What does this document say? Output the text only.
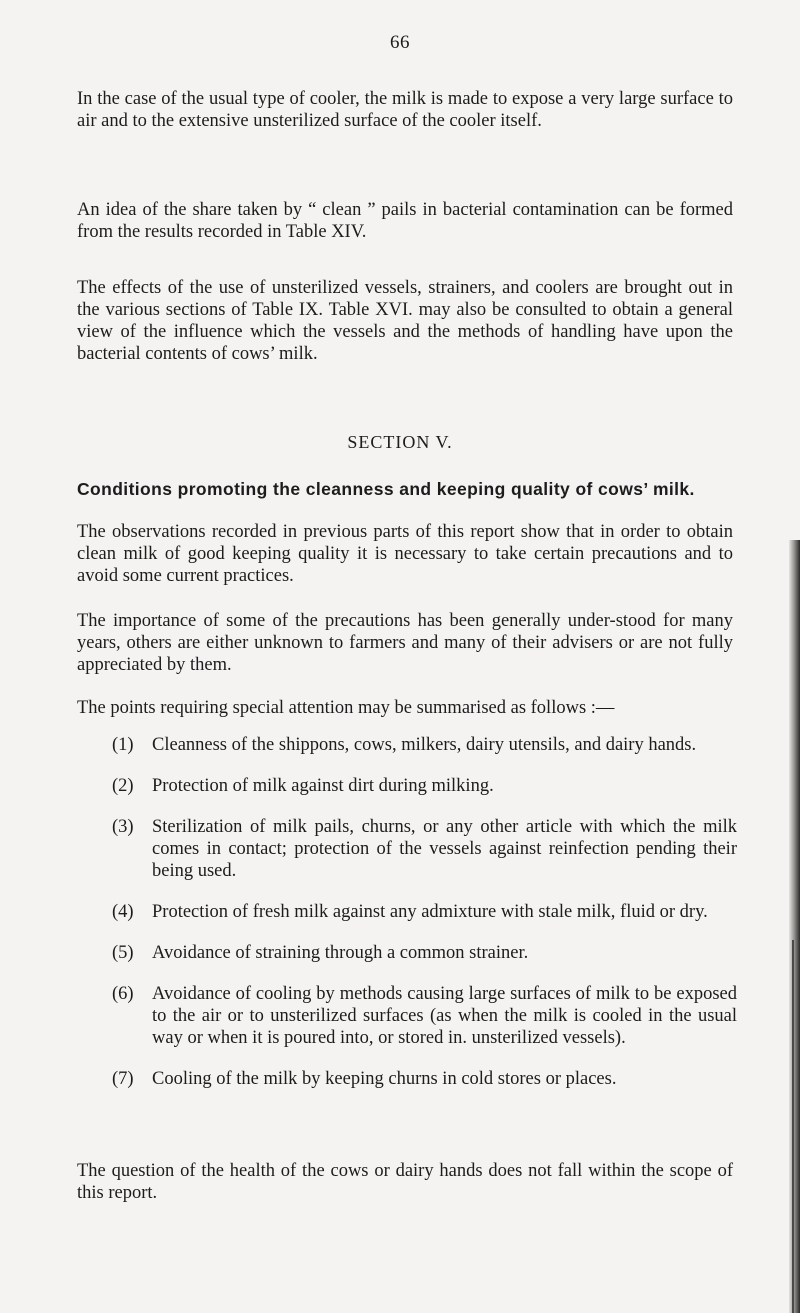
66

In the case of the usual type of cooler, the milk is made to expose a very large surface to air and to the extensive unsterilized surface of the cooler itself.

An idea of the share taken by “ clean ” pails in bacterial contamination can be formed from the results recorded in Table XIV.

The effects of the use of unsterilized vessels, strainers, and coolers are brought out in the various sections of Table IX. Table XVI. may also be consulted to obtain a general view of the influence which the vessels and the methods of handling have upon the bacterial contents of cows’ milk.

SECTION V.
Conditions promoting the cleanness and keeping quality of cows’ milk.

The observations recorded in previous parts of this report show that in order to obtain clean milk of good keeping quality it is necessary to take certain precautions and to avoid some current practices.

The importance of some of the precautions has been generally under-stood for many years, others are either unknown to farmers and many of their advisers or are not fully appreciated by them.

The points requiring special attention may be summarised as follows :—

(1) Cleanness of the shippons, cows, milkers, dairy utensils, and dairy hands.
(2) Protection of milk against dirt during milking.
(3) Sterilization of milk pails, churns, or any other article with which the milk comes in contact; protection of the vessels against reinfection pending their being used.
(4) Protection of fresh milk against any admixture with stale milk, fluid or dry.
(5) Avoidance of straining through a common strainer.
(6) Avoidance of cooling by methods causing large surfaces of milk to be exposed to the air or to unsterilized surfaces (as when the milk is cooled in the usual way or when it is poured into, or stored in. unsterilized vessels).
(7) Cooling of the milk by keeping churns in cold stores or places.

The question of the health of the cows or dairy hands does not fall within the scope of this report.
